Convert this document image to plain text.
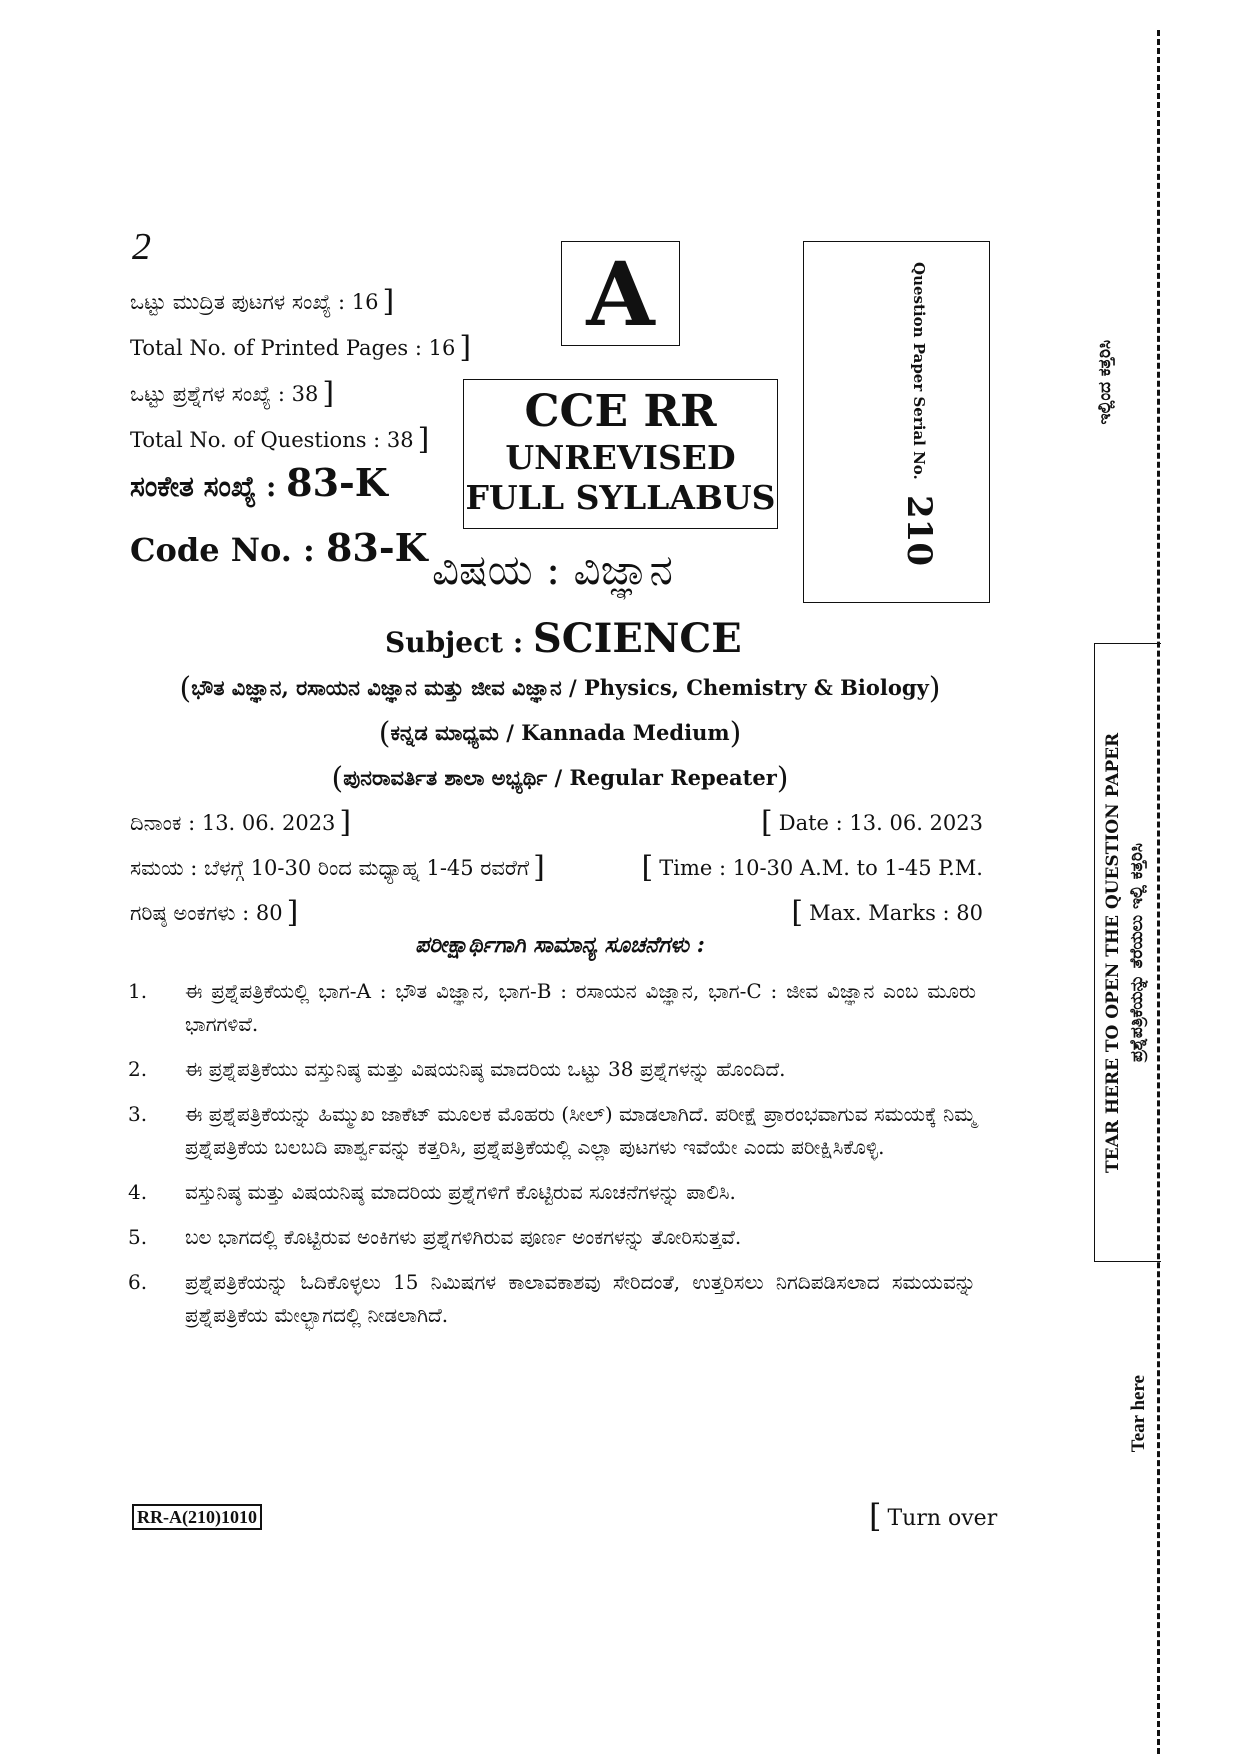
2
ಒಟ್ಟು ಮುದ್ರಿತ ಪುಟಗಳ ಸಂಖ್ಯೆ : 16 ]
Total No. of Printed Pages : 16 ]
ಒಟ್ಟು ಪ್ರಶ್ನೆಗಳ ಸಂಖ್ಯೆ : 38 ]
Total No. of Questions : 38 ]
ಸಂಕೇತ ಸಂಖ್ಯೆ : 83-K
Code No. : 83-K
A
CCE RR
UNREVISED
FULL SYLLABUS
Question Paper Serial No. 210
ವಿಷಯ : ವಿಜ್ಞಾನ
Subject : SCIENCE
(ಭೌತ ವಿಜ್ಞಾನ, ರಸಾಯನ ವಿಜ್ಞಾನ ಮತ್ತು ಜೀವ ವಿಜ್ಞಾನ / Physics, Chemistry & Biology)
(ಕನ್ನಡ ಮಾಧ್ಯಮ / Kannada Medium)
(ಪುನರಾವರ್ತಿತ ಶಾಲಾ ಅಭ್ಯರ್ಥಿ / Regular Repeater)
ದಿನಾಂಕ : 13. 06. 2023 ]	[ Date : 13. 06. 2023
ಸಮಯ : ಬೆಳಗ್ಗೆ 10-30 ರಿಂದ ಮಧ್ಯಾಹ್ನ 1-45 ರವರೆಗೆ ]	[ Time : 10-30 A.M. to 1-45 P.M.
ಗರಿಷ್ಠ ಅಂಕಗಳು : 80 ]	[ Max. Marks : 80
ಪರೀಕ್ಷಾರ್ಥಿಗಾಗಿ ಸಾಮಾನ್ಯ ಸೂಚನೆಗಳು :
1.	ಈ ಪ್ರಶ್ನೆಪತ್ರಿಕೆಯಲ್ಲಿ ಭಾಗ-A : ಭೌತ ವಿಜ್ಞಾನ, ಭಾಗ-B : ರಸಾಯನ ವಿಜ್ಞಾನ, ಭಾಗ-C : ಜೀವ ವಿಜ್ಞಾನ ಎಂಬ ಮೂರು ಭಾಗಗಳಿವೆ.
2.	ಈ ಪ್ರಶ್ನೆಪತ್ರಿಕೆಯು ವಸ್ತುನಿಷ್ಠ ಮತ್ತು ವಿಷಯನಿಷ್ಠ ಮಾದರಿಯ ಒಟ್ಟು 38 ಪ್ರಶ್ನೆಗಳನ್ನು ಹೊಂದಿದೆ.
3.	ಈ ಪ್ರಶ್ನೆಪತ್ರಿಕೆಯನ್ನು ಹಿಮ್ಮುಖ ಜಾಕೆಟ್ ಮೂಲಕ ಮೊಹರು (ಸೀಲ್) ಮಾಡಲಾಗಿದೆ. ಪರೀಕ್ಷೆ ಪ್ರಾರಂಭವಾಗುವ ಸಮಯಕ್ಕೆ ನಿಮ್ಮ ಪ್ರಶ್ನೆಪತ್ರಿಕೆಯ ಬಲಬದಿ ಪಾರ್ಶ್ವವನ್ನು ಕತ್ತರಿಸಿ, ಪ್ರಶ್ನೆಪತ್ರಿಕೆಯಲ್ಲಿ ಎಲ್ಲಾ ಪುಟಗಳು ಇವೆಯೇ ಎಂದು ಪರೀಕ್ಷಿಸಿಕೊಳ್ಳಿ.
4.	ವಸ್ತುನಿಷ್ಠ ಮತ್ತು ವಿಷಯನಿಷ್ಠ ಮಾದರಿಯ ಪ್ರಶ್ನೆಗಳಿಗೆ ಕೊಟ್ಟಿರುವ ಸೂಚನೆಗಳನ್ನು ಪಾಲಿಸಿ.
5.	ಬಲ ಭಾಗದಲ್ಲಿ ಕೊಟ್ಟಿರುವ ಅಂಕಿಗಳು ಪ್ರಶ್ನೆಗಳಿಗಿರುವ ಪೂರ್ಣ ಅಂಕಗಳನ್ನು ತೋರಿಸುತ್ತವೆ.
6.	ಪ್ರಶ್ನೆಪತ್ರಿಕೆಯನ್ನು ಓದಿಕೊಳ್ಳಲು 15 ನಿಮಿಷಗಳ ಕಾಲಾವಕಾಶವು ಸೇರಿದಂತೆ, ಉತ್ತರಿಸಲು ನಿಗದಿಪಡಿಸಲಾದ ಸಮಯವನ್ನು ಪ್ರಶ್ನೆಪತ್ರಿಕೆಯ ಮೇಲ್ಭಾಗದಲ್ಲಿ ನೀಡಲಾಗಿದೆ.
RR-A(210)1010	[ Turn over
ಇಲ್ಲಿಂದ ಕತ್ತರಿಸಿ
TEAR HERE TO OPEN THE QUESTION PAPER ಪ್ರಶ್ನೆಪತ್ರಿಕೆಯನ್ನು ತೆರೆಯಲು ಇಲ್ಲಿ ಕತ್ತರಿಸಿ
Tear here
